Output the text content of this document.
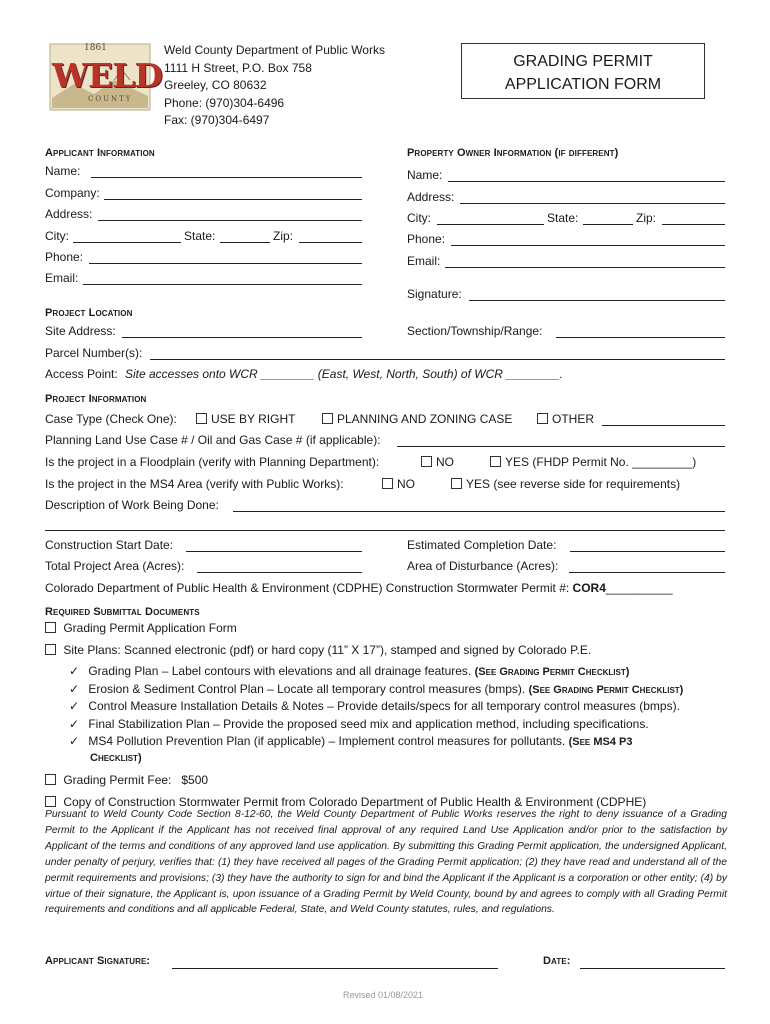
1861
WELD
COUNTY
Weld County Department of Public Works
1111 H Street, P.O. Box 758
Greeley, CO 80632
Phone: (970)304-6496
Fax: (970)304-6497
GRADING PERMIT
APPLICATION FORM
Applicant Information
Name:
Company:
Address:
City:	State:	Zip:
Phone:
Email:
Property Owner Information (if different)
Name:
Address:
City:	State:	Zip:
Phone:
Email:
Signature:
Project Location
Site Address:	Section/Township/Range:
Parcel Number(s):
Access Point: Site accesses onto WCR ________ (East, West, North, South) of WCR ________.
Project Information
Case Type (Check One):	USE BY RIGHT	PLANNING AND ZONING CASE	OTHER
Planning Land Use Case # / Oil and Gas Case # (if applicable):
Is the project in a Floodplain (verify with Planning Department):	NO	YES (FHDP Permit No. _________)
Is the project in the MS4 Area (verify with Public Works):	NO	YES (see reverse side for requirements)
Description of Work Being Done:
Construction Start Date:	Estimated Completion Date:
Total Project Area (Acres):	Area of Disturbance (Acres):
Colorado Department of Public Health & Environment (CDPHE) Construction Stormwater Permit #: COR4__________
Required Submittal Documents
Grading Permit Application Form
Site Plans: Scanned electronic (pdf) or hard copy (11” X 17”), stamped and signed by Colorado P.E.
✓ Grading Plan – Label contours with elevations and all drainage features. (See Grading Permit Checklist)
✓ Erosion & Sediment Control Plan – Locate all temporary control measures (bmps). (See Grading Permit Checklist)
✓ Control Measure Installation Details & Notes – Provide details/specs for all temporary control measures (bmps).
✓ Final Stabilization Plan – Provide the proposed seed mix and application method, including specifications.
✓ MS4 Pollution Prevention Plan (if applicable) – Implement control measures for pollutants. (See MS4 P3
Checklist)
Grading Permit Fee:   $500
Copy of Construction Stormwater Permit from Colorado Department of Public Health & Environment (CDPHE)
Pursuant to Weld County Code Section 8-12-60, the Weld County Department of Public Works reserves the right to deny issuance of a Grading Permit to the Applicant if the Applicant has not received final approval of any required Land Use Application and/or prior to the satisfaction by Applicant of the terms and conditions of any approved land use application. By submitting this Grading Permit application, the undersigned Applicant, under penalty of perjury, verifies that: (1) they have received all pages of the Grading Permit application; (2) they have read and understand all of the permit requirements and provisions; (3) they have the authority to sign for and bind the Applicant if the Applicant is a corporation or other entity; (4) by virtue of their signature, the Applicant is, upon issuance of a Grading Permit by Weld County, bound by and agrees to comply with all Grading Permit requirements and conditions and all applicable Federal, State, and Weld County statutes, rules, and regulations.
Applicant Signature:	Date:
Revised 01/08/2021
